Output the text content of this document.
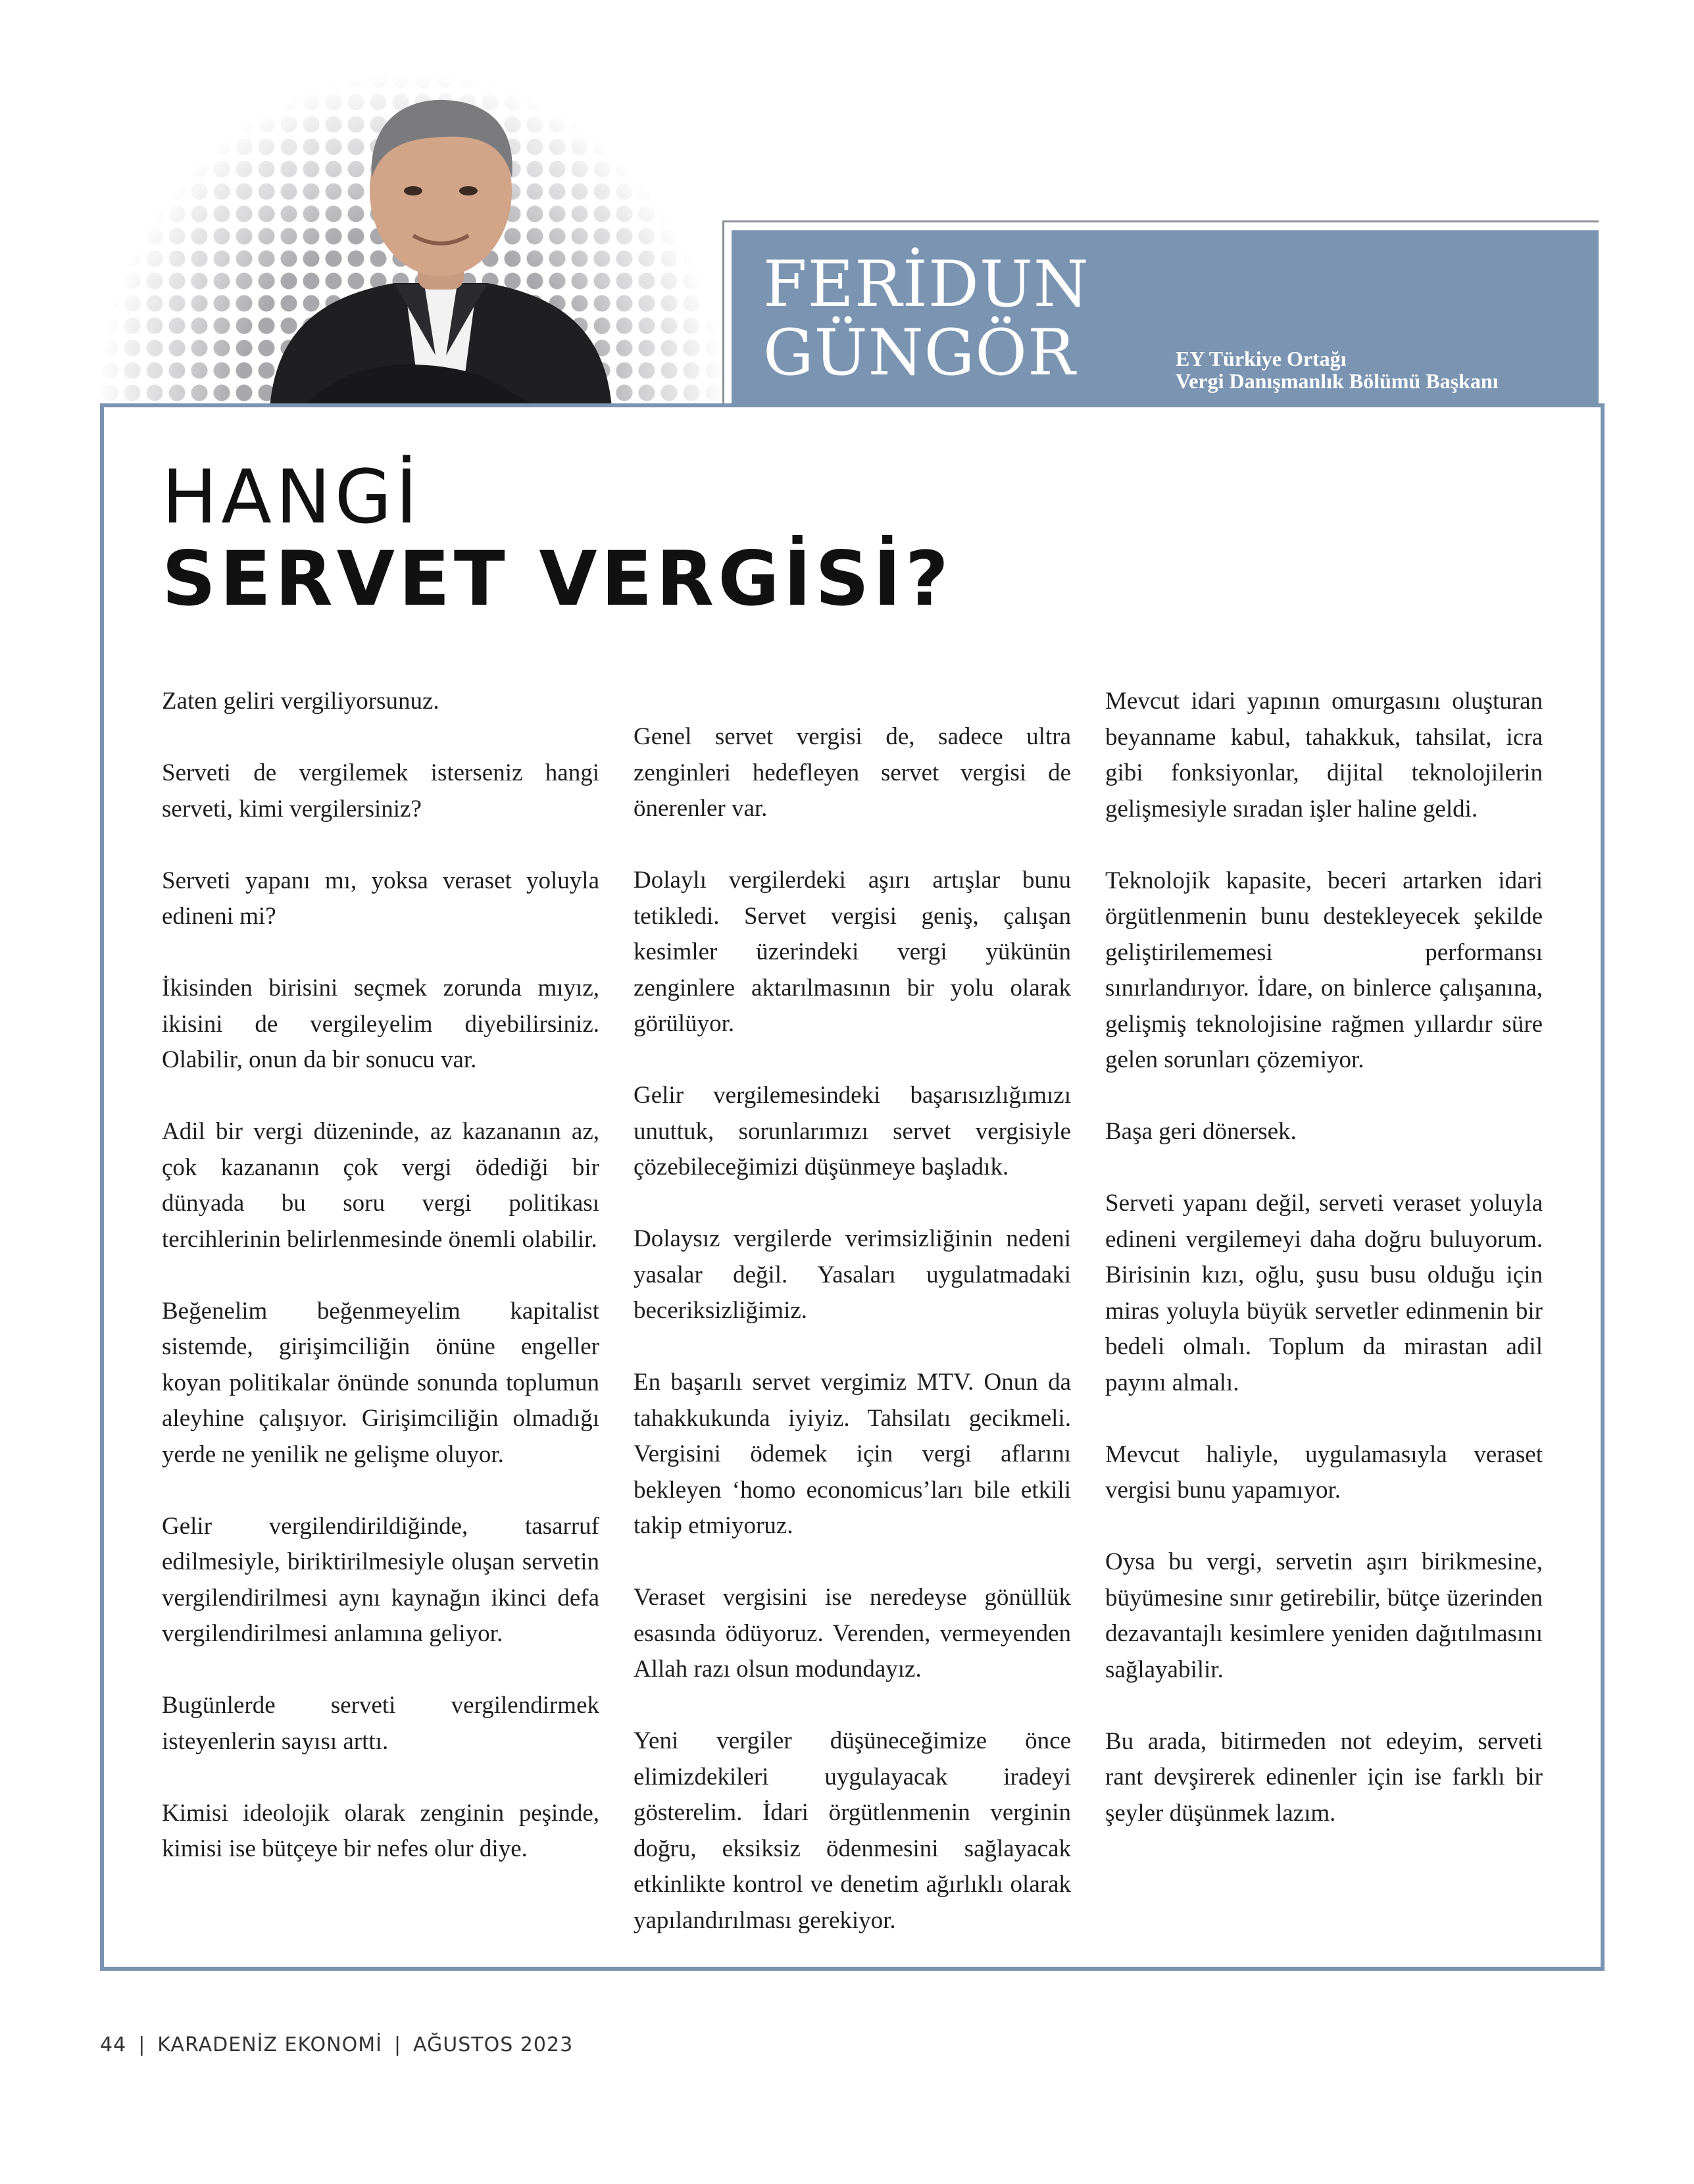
FERİDUN
GÜNGÖR	EY Türkiye Ortağı
Vergi Danışmanlık Bölümü Başkanı
HANGİ
SERVET VERGİSİ?

Zaten geliri vergiliyorsunuz.

Serveti de vergilemek isterseniz hangi serveti, kimi vergilersiniz?

Serveti yapanı mı, yoksa veraset yoluyla edineni mi?

İkisinden birisini seçmek zorunda mıyız, ikisini de vergileyelim diyebilirsiniz. Olabilir, onun da bir sonucu var.

Adil bir vergi düzeninde, az kazananın az, çok kazananın çok vergi ödediği bir dünyada bu soru vergi politikası tercihlerinin belirlenmesinde önemli olabilir.

Beğenelim beğenmeyelim kapitalist sistemde, girişimciliğin önüne engeller koyan politikalar önünde sonunda toplumun aleyhine çalışıyor. Girişimciliğin olmadığı yerde ne yenilik ne gelişme oluyor.

Gelir vergilendirildiğinde, tasarruf edilmesiyle, biriktirilmesiyle oluşan servetin vergilendirilmesi aynı kaynağın ikinci defa vergilendirilmesi anlamına geliyor.

Bugünlerde serveti vergilendirmek isteyenlerin sayısı arttı.

Kimisi ideolojik olarak zenginin peşinde, kimisi ise bütçeye bir nefes olur diye.

Genel servet vergisi de, sadece ultra zenginleri hedefleyen servet vergisi de önerenler var.

Dolaylı vergilerdeki aşırı artışlar bunu tetikledi. Servet vergisi geniş, çalışan kesimler üzerindeki vergi yükünün zenginlere aktarılmasının bir yolu olarak görülüyor.

Gelir vergilemesindeki başarısızlığımızı unuttuk, sorunlarımızı servet vergisiyle çözebileceğimizi düşünmeye başladık.

Dolaysız vergilerde verimsizliğinin nedeni yasalar değil. Yasaları uygulatmadaki beceriksizliğimiz.

En başarılı servet vergimiz MTV. Onun da tahakkukunda iyiyiz. Tahsilatı gecikmeli. Vergisini ödemek için vergi aflarını bekleyen ‘homo economicus’ları bile etkili takip etmiyoruz.

Veraset vergisini ise neredeyse gönüllük esasında ödüyoruz. Verenden, vermeyenden Allah razı olsun modundayız.

Yeni vergiler düşüneceğimize önce elimizdekileri uygulayacak iradeyi gösterelim. İdari örgütlenmenin verginin doğru, eksiksiz ödenmesini sağlayacak etkinlikte kontrol ve denetim ağırlıklı olarak yapılandırılması gerekiyor.

Mevcut idari yapının omurgasını oluşturan beyanname kabul, tahakkuk, tahsilat, icra gibi fonksiyonlar, dijital teknolojilerin gelişmesiyle sıradan işler haline geldi.

Teknolojik kapasite, beceri artarken idari örgütlenmenin bunu destekleyecek şekilde geliştirilememesi performansı sınırlandırıyor. İdare, on binlerce çalışanına, gelişmiş teknolojisine rağmen yıllardır süre gelen sorunları çözemiyor.

Başa geri dönersek.

Serveti yapanı değil, serveti veraset yoluyla edineni vergilemeyi daha doğru buluyorum. Birisinin kızı, oğlu, şusu busu olduğu için miras yoluyla büyük servetler edinmenin bir bedeli olmalı. Toplum da mirastan adil payını almalı.

Mevcut haliyle, uygulamasıyla veraset vergisi bunu yapamıyor.

Oysa bu vergi, servetin aşırı birikmesine, büyümesine sınır getirebilir, bütçe üzerinden dezavantajlı kesimlere yeniden dağıtılmasını sağlayabilir.

Bu arada, bitirmeden not edeyim, serveti rant devşirerek edinenler için ise farklı bir şeyler düşünmek lazım.

44 | KARADENİZ EKONOMİ | AĞUSTOS 2023
